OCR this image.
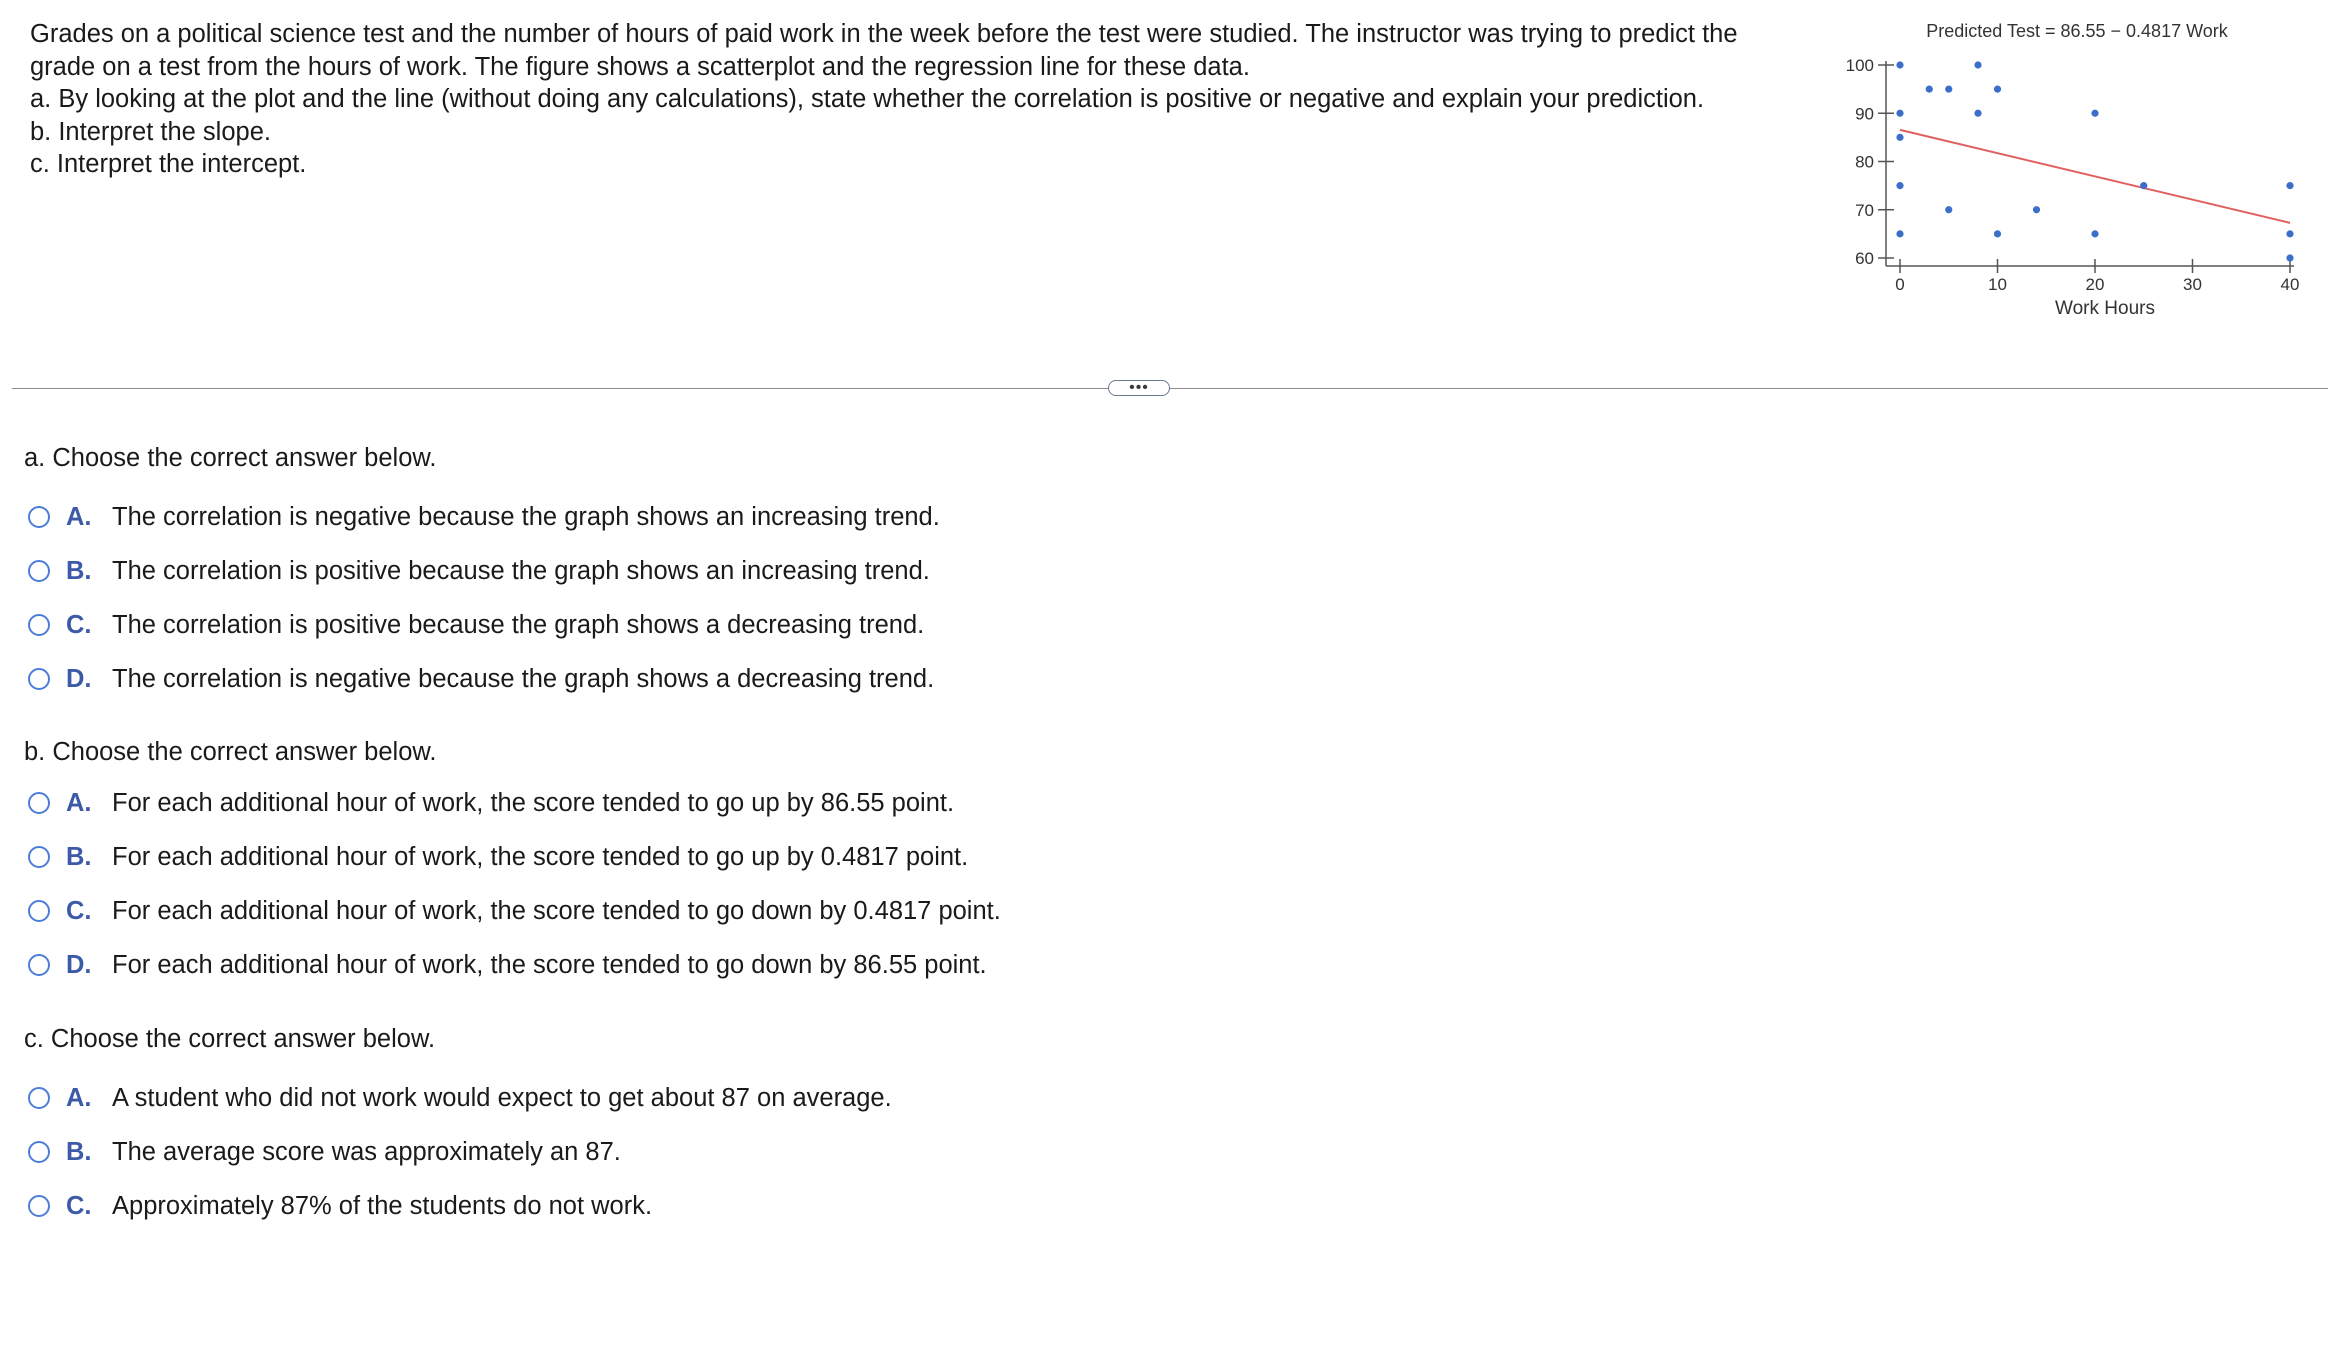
Grades on a political science test and the number of hours of paid work in the week before the test were studied. The instructor was trying to predict the
grade on a test from the hours of work. The figure shows a scatterplot and the regression line for these data.
a. By looking at the plot and the line (without doing any calculations), state whether the correlation is positive or negative and explain your prediction.
b. Interpret the slope.
c. Interpret the intercept.
Predicted Test = 86.55 − 0.4817 Work
60
70
80
90
100
0	10	20	30	40
Work Hours
•••
a. Choose the correct answer below.
A. The correlation is negative because the graph shows an increasing trend.
B. The correlation is positive because the graph shows an increasing trend.
C. The correlation is positive because the graph shows a decreasing trend.
D. The correlation is negative because the graph shows a decreasing trend.
b. Choose the correct answer below.
A. For each additional hour of work, the score tended to go up by 86.55 point.
B. For each additional hour of work, the score tended to go up by 0.4817 point.
C. For each additional hour of work, the score tended to go down by 0.4817 point.
D. For each additional hour of work, the score tended to go down by 86.55 point.
c. Choose the correct answer below.
A. A student who did not work would expect to get about 87 on average.
B. The average score was approximately an 87.
C. Approximately 87% of the students do not work.
